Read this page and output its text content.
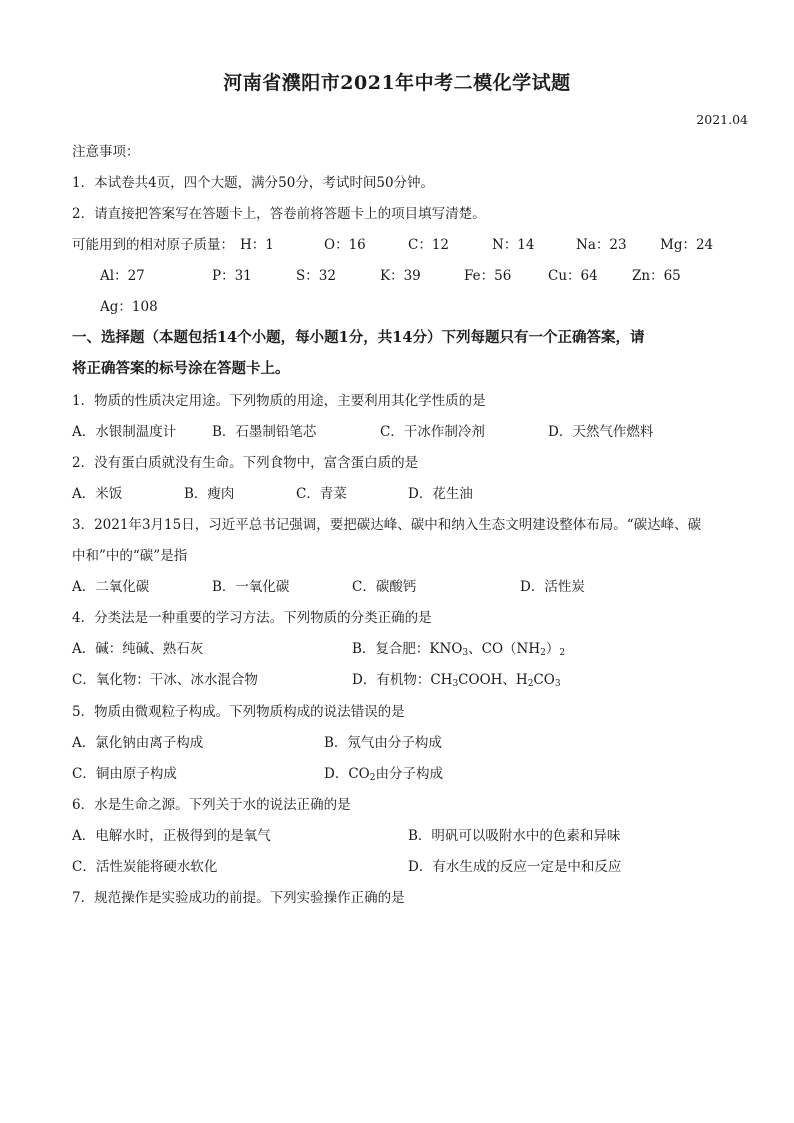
河南省濮阳市2021年中考二模化学试题
2021.04
注意事项：
1．本试卷共4页，四个大题，满分50分，考试时间50分钟。
2．请直接把答案写在答题卡上，答卷前将答题卡上的项目填写清楚。
可能用到的相对原子质量： H：1	O：16	C：12	N：14	Na：23 Mg：24
Al：27	P：31	S：32	K：39	Fe：56	Cu：64	Zn：65
Ag：108
一、选择题（本题包括14个小题，每小题1分，共14分）下列每题只有一个正确答案，请
将正确答案的标号涂在答题卡上。
1．物质的性质决定用途。下列物质的用途，主要利用其化学性质的是
A．水银制温度计	B．石墨制铅笔芯	C．干冰作制冷剂	D．天然气作燃料
2．没有蛋白质就没有生命。下列食物中，富含蛋白质的是
A．米饭	B．瘦肉	C．青菜	D．花生油
3．2021年3月15日，习近平总书记强调，要把碳达峰、碳中和纳入生态文明建设整体布局。“碳达峰、碳
中和”中的“碳”是指
A．二氧化碳	B．一氧化碳	C．碳酸钙	D．活性炭
4．分类法是一种重要的学习方法。下列物质的分类正确的是
A．碱：纯碱、熟石灰	B．复合肥：$KNO_3$、$CO(NH_2)_2$
C．氧化物：干冰、冰水混合物	D．有机物：$CH_3COOH$、$H_2CO_3$
5．物质由微观粒子构成。下列物质构成的说法错误的是
A．氯化钠由离子构成	B．氖气由分子构成
C．铜由原子构成	D．$CO_2$由分子构成
6．水是生命之源。下列关于水的说法正确的是
A．电解水时，正极得到的是氧气	B．明矾可以吸附水中的色素和异味
C．活性炭能将硬水软化	D．有水生成的反应一定是中和反应
7．规范操作是实验成功的前提。下列实验操作正确的是
